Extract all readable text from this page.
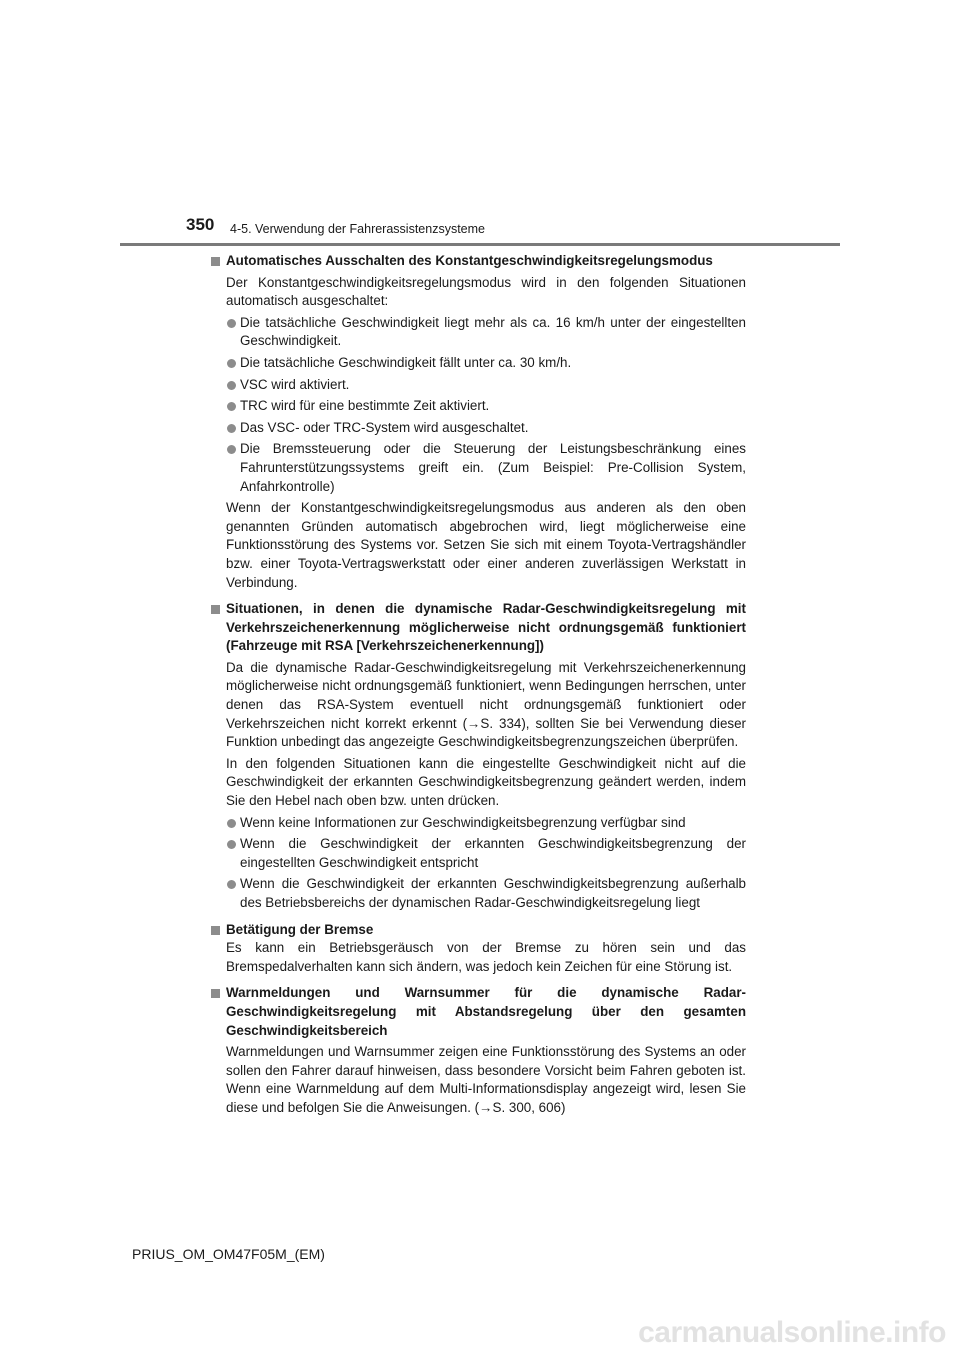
350 4-5. Verwendung der Fahrerassistenzsysteme
Automatisches Ausschalten des Konstantgeschwindigkeitsregelungsmodus
Der Konstantgeschwindigkeitsregelungsmodus wird in den folgenden Situationen automatisch ausgeschaltet:
Die tatsächliche Geschwindigkeit liegt mehr als ca. 16 km/h unter der eingestellten Geschwindigkeit.
Die tatsächliche Geschwindigkeit fällt unter ca. 30 km/h.
VSC wird aktiviert.
TRC wird für eine bestimmte Zeit aktiviert.
Das VSC- oder TRC-System wird ausgeschaltet.
Die Bremssteuerung oder die Steuerung der Leistungsbeschränkung eines Fahrunterstützungssystems greift ein. (Zum Beispiel: Pre-Collision System, Anfahrkontrolle)
Wenn der Konstantgeschwindigkeitsregelungsmodus aus anderen als den oben genannten Gründen automatisch abgebrochen wird, liegt möglicherweise eine Funktionsstörung des Systems vor. Setzen Sie sich mit einem Toyota-Vertragshändler bzw. einer Toyota-Vertragswerkstatt oder einer anderen zuverlässigen Werkstatt in Verbindung.
Situationen, in denen die dynamische Radar-Geschwindigkeitsregelung mit Verkehrszeichenerkennung möglicherweise nicht ordnungsgemäß funktioniert (Fahrzeuge mit RSA [Verkehrszeichenerkennung])
Da die dynamische Radar-Geschwindigkeitsregelung mit Verkehrszeichenerkennung möglicherweise nicht ordnungsgemäß funktioniert, wenn Bedingungen herrschen, unter denen das RSA-System eventuell nicht ordnungsgemäß funktioniert oder Verkehrszeichen nicht korrekt erkennt (→S. 334), sollten Sie bei Verwendung dieser Funktion unbedingt das angezeigte Geschwindigkeitsbegrenzungszeichen überprüfen.
In den folgenden Situationen kann die eingestellte Geschwindigkeit nicht auf die Geschwindigkeit der erkannten Geschwindigkeitsbegrenzung geändert werden, indem Sie den Hebel nach oben bzw. unten drücken.
Wenn keine Informationen zur Geschwindigkeitsbegrenzung verfügbar sind
Wenn die Geschwindigkeit der erkannten Geschwindigkeitsbegrenzung der eingestellten Geschwindigkeit entspricht
Wenn die Geschwindigkeit der erkannten Geschwindigkeitsbegrenzung außerhalb des Betriebsbereichs der dynamischen Radar-Geschwindigkeitsregelung liegt
Betätigung der Bremse
Es kann ein Betriebsgeräusch von der Bremse zu hören sein und das Bremspedalverhalten kann sich ändern, was jedoch kein Zeichen für eine Störung ist.
Warnmeldungen und Warnsummer für die dynamische Radar-Geschwindigkeitsregelung mit Abstandsregelung über den gesamten Geschwindigkeitsbereich
Warnmeldungen und Warnsummer zeigen eine Funktionsstörung des Systems an oder sollen den Fahrer darauf hinweisen, dass besondere Vorsicht beim Fahren geboten ist. Wenn eine Warnmeldung auf dem Multi-Informationsdisplay angezeigt wird, lesen Sie diese und befolgen Sie die Anweisungen. (→S. 300, 606)
PRIUS_OM_OM47F05M_(EM)
carmanualsonline.info
